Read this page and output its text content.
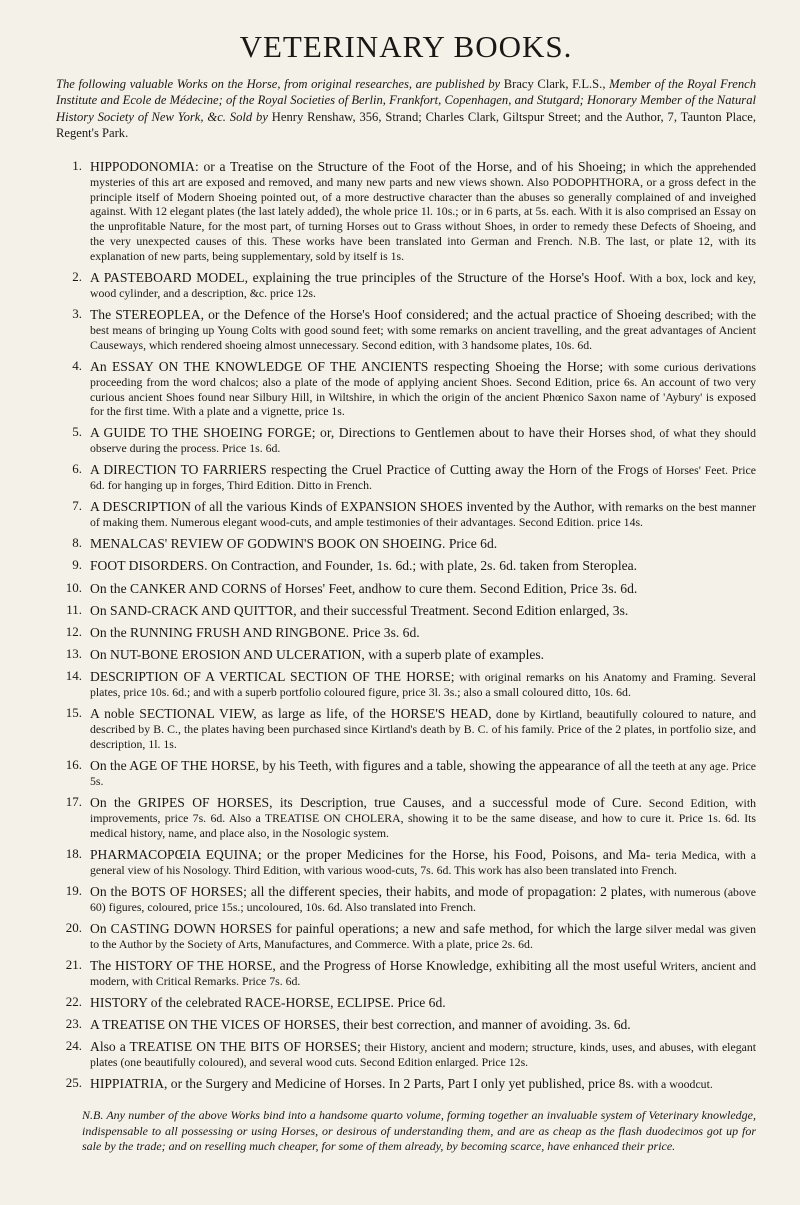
VETERINARY BOOKS.

The following valuable Works on the Horse, from original researches, are published by Bracy Clark, F.L.S., Member of the Royal French Institute and Ecole de Médecine; of the Royal Societies of Berlin, Frankfort, Copenhagen, and Stutgard; Honorary Member of the Natural History Society of New York, &c. Sold by Henry Renshaw, 356, Strand; Charles Clark, Giltspur Street; and the Author, 7, Taunton Place, Regent's Park.

1. HIPPODONOMIA: or a Treatise on the Structure of the Foot of the Horse, and of his Shoeing; in which the apprehended mysteries of this art are exposed and removed, and many new parts and new views shown. Also PODOPHTHORA, or a gross defect in the principle itself of Modern Shoeing pointed out, of a more destructive character than the abuses so generally complained of and inveighed against. With 12 elegant plates (the last lately added), the whole price 1l. 10s.; or in 6 parts, at 5s. each. With it is also comprised an Essay on the unprofitable Nature, for the most part, of turning Horses out to Grass without Shoes, in order to remedy these Defects of Shoeing, and the very unexpected causes of this. These works have been translated into German and French. N.B. The last, or plate 12, with its explanation of new parts, being supplementary, sold by itself is 1s.
2. A PASTEBOARD MODEL, explaining the true principles of the Structure of the Horse's Hoof. With a box, lock and key, wood cylinder, and a description, &c. price 12s.
3. The STEREOPLEA, or the Defence of the Horse's Hoof considered; and the actual practice of Shoeing described; with the best means of bringing up Young Colts with good sound feet; with some remarks on ancient travelling, and the great advantages of Ancient Causeways, which rendered shoeing almost unnecessary. Second edition, with 3 handsome plates, 10s. 6d.
4. An ESSAY ON THE KNOWLEDGE OF THE ANCIENTS respecting Shoeing the Horse; with some curious derivations proceeding from the word chalcos; also a plate of the mode of applying ancient Shoes. Second Edition, price 6s. An account of two very curious ancient Shoes found near Silbury Hill, in Wiltshire, in which the origin of the ancient Phœnico Saxon name of 'Aybury' is exposed for the first time. With a plate and a vignette, price 1s.
5. A GUIDE TO THE SHOEING FORGE; or, Directions to Gentlemen about to have their Horses shod, of what they should observe during the process. Price 1s. 6d.
6. A DIRECTION TO FARRIERS respecting the Cruel Practice of Cutting away the Horn of the Frogs of Horses' Feet. Price 6d. for hanging up in forges, Third Edition. Ditto in French.
7. A DESCRIPTION of all the various Kinds of EXPANSION SHOES invented by the Author, with remarks on the best manner of making them. Numerous elegant wood-cuts, and ample testimonies of their advantages. Second Edition. price 14s.
8. MENALCAS' REVIEW OF GODWIN'S BOOK ON SHOEING. Price 6d.
9. FOOT DISORDERS. On Contraction, and Founder, 1s. 6d.; with plate, 2s. 6d. taken from Steroplea.
10. On the CANKER AND CORNS of Horses' Feet, andhow to cure them. Second Edition, Price 3s. 6d.
11. On SAND-CRACK AND QUITTOR, and their successful Treatment. Second Edition enlarged, 3s.
12. On the RUNNING FRUSH AND RINGBONE. Price 3s. 6d.
13. On NUT-BONE EROSION AND ULCERATION, with a superb plate of examples.
14. DESCRIPTION OF A VERTICAL SECTION OF THE HORSE; with original remarks on his Anatomy and Framing. Several plates, price 10s. 6d.; and with a superb portfolio coloured figure, price 3l. 3s.; also a small coloured ditto, 10s. 6d.
15. A noble SECTIONAL VIEW, as large as life, of the HORSE'S HEAD, done by Kirtland, beautifully coloured to nature, and described by B. C., the plates having been purchased since Kirtland's death by B. C. of his family. Price of the 2 plates, in portfolio size, and description, 1l. 1s.
16. On the AGE OF THE HORSE, by his Teeth, with figures and a table, showing the appearance of all the teeth at any age. Price 5s.
17. On the GRIPES OF HORSES, its Description, true Causes, and a successful mode of Cure. Second Edition, with improvements, price 7s. 6d. Also a TREATISE ON CHOLERA, showing it to be the same disease, and how to cure it. Price 1s. 6d. Its medical history, name, and place also, in the Nosologic system.
18. PHARMACOPŒIA EQUINA; or the proper Medicines for the Horse, his Food, Poisons, and Ma- teria Medica, with a general view of his Nosology. Third Edition, with various wood-cuts, 7s. 6d. This work has also been translated into French.
19. On the BOTS OF HORSES; all the different species, their habits, and mode of propagation: 2 plates, with numerous (above 60) figures, coloured, price 15s.; uncoloured, 10s. 6d. Also translated into French.
20. On CASTING DOWN HORSES for painful operations; a new and safe method, for which the large silver medal was given to the Author by the Society of Arts, Manufactures, and Commerce. With a plate, price 2s. 6d.
21. The HISTORY OF THE HORSE, and the Progress of Horse Knowledge, exhibiting all the most useful Writers, ancient and modern, with Critical Remarks. Price 7s. 6d.
22. HISTORY of the celebrated RACE-HORSE, ECLIPSE. Price 6d.
23. A TREATISE ON THE VICES OF HORSES, their best correction, and manner of avoiding. 3s. 6d.
24. Also a TREATISE ON THE BITS OF HORSES; their History, ancient and modern; structure, kinds, uses, and abuses, with elegant plates (one beautifully coloured), and several wood cuts. Second Edition enlarged. Price 12s.
25. HIPPIATRIA, or the Surgery and Medicine of Horses. In 2 Parts, Part I only yet published, price 8s. with a woodcut.

N.B. Any number of the above Works bind into a handsome quarto volume, forming together an invaluable system of Veterinary knowledge, indispensable to all possessing or using Horses, or desirous of understanding them, and are as cheap as the flash duodecimos got up for sale by the trade; and on reselling much cheaper, for some of them already, by becoming scarce, have enhanced their price.
